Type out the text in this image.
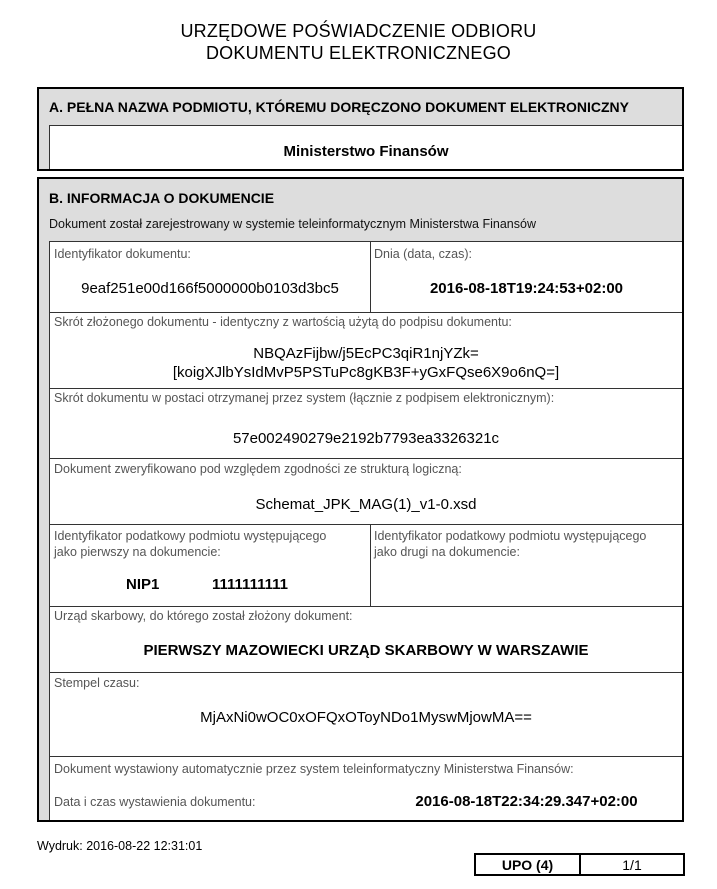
URZĘDOWE POŚWIADCZENIE ODBIORU
DOKUMENTU ELEKTRONICZNEGO
A. PEŁNA NAZWA PODMIOTU, KTÓREMU DORĘCZONO DOKUMENT ELEKTRONICZNY
Ministerstwo Finansów
B. INFORMACJA O DOKUMENCIE
Dokument został zarejestrowany w systemie teleinformatycznym Ministerstwa Finansów
Identyfikator dokumentu:
9eaf251e00d166f5000000b0103d3bc5
Dnia (data, czas):
2016-08-18T19:24:53+02:00
Skrót złożonego dokumentu - identyczny z wartością użytą do podpisu dokumentu:
NBQAzFijbw/j5EcPC3qiR1njYZk=
[koigXJlbYsIdMvP5PSTuPc8gKB3F+yGxFQse6X9o6nQ=]
Skrót dokumentu w postaci otrzymanej przez system (łącznie z podpisem elektronicznym):
57e002490279e2192b7793ea3326321c
Dokument zweryfikowano pod względem zgodności ze strukturą logiczną:
Schemat_JPK_MAG(1)_v1-0.xsd
Identyfikator podatkowy podmiotu występującego
jako pierwszy na dokumencie:
NIP1	1111111111
Identyfikator podatkowy podmiotu występującego
jako drugi na dokumencie:
Urząd skarbowy, do którego został złożony dokument:
PIERWSZY MAZOWIECKI URZĄD SKARBOWY W WARSZAWIE
Stempel czasu:
MjAxNi0wOC0xOFQxOToyNDo1MyswMjowMA==
Dokument wystawiony automatycznie przez system teleinformatyczny Ministerstwa Finansów:
Data i czas wystawienia dokumentu:	2016-08-18T22:34:29.347+02:00
Wydruk: 2016-08-22 12:31:01
UPO (4)	1/1
